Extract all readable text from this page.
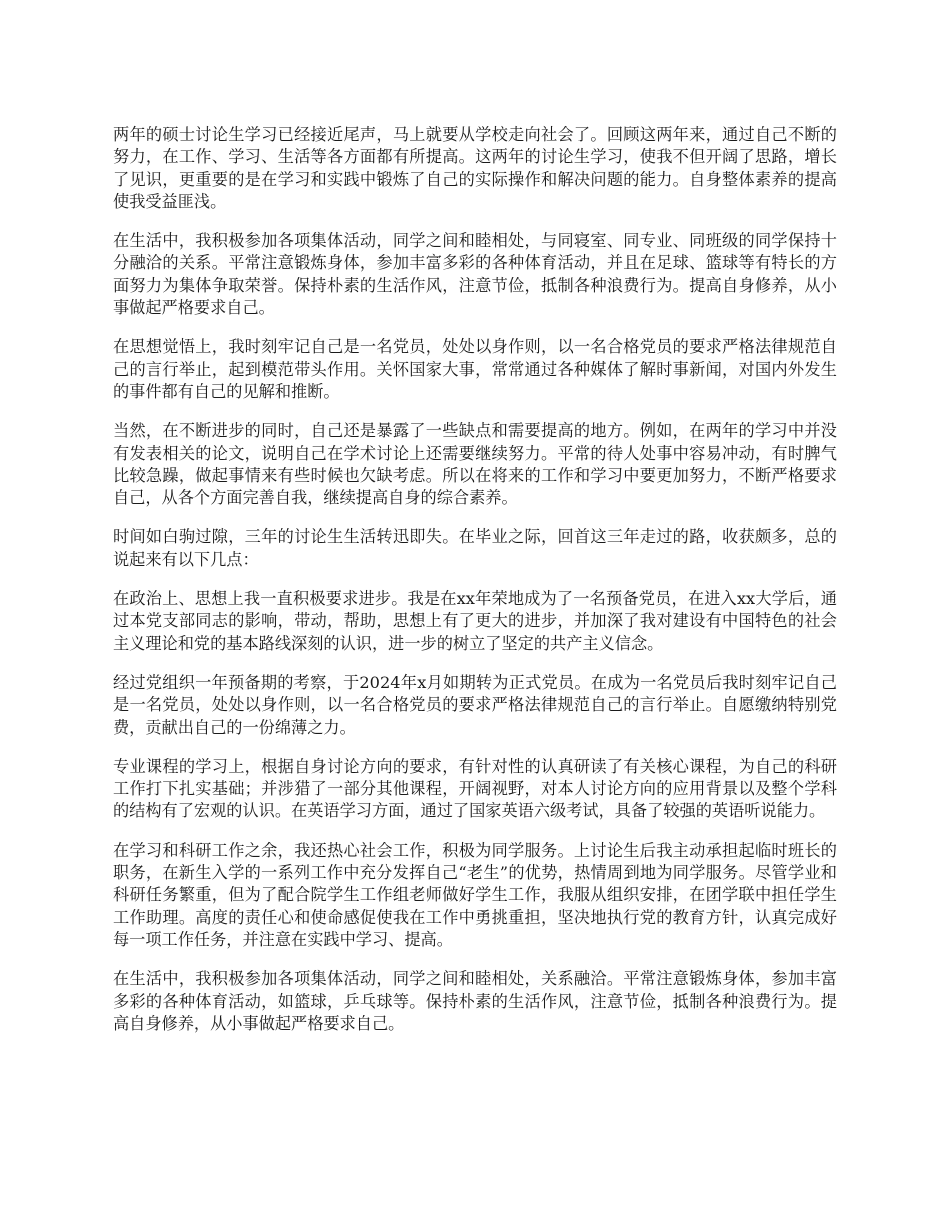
两年的硕士讨论生学习已经接近尾声，马上就要从学校走向社会了。回顾这两年来，通过自己不断的努力，在工作、学习、生活等各方面都有所提高。这两年的讨论生学习，使我不但开阔了思路，增长了见识，更重要的是在学习和实践中锻炼了自己的实际操作和解决问题的能力。自身整体素养的提高使我受益匪浅。

在生活中，我积极参加各项集体活动，同学之间和睦相处，与同寝室、同专业、同班级的同学保持十分融洽的关系。平常注意锻炼身体，参加丰富多彩的各种体育活动，并且在足球、篮球等有特长的方面努力为集体争取荣誉。保持朴素的生活作风，注意节俭，抵制各种浪费行为。提高自身修养，从小事做起严格要求自己。

在思想觉悟上，我时刻牢记自己是一名党员，处处以身作则，以一名合格党员的要求严格法律规范自己的言行举止，起到模范带头作用。关怀国家大事，常常通过各种媒体了解时事新闻，对国内外发生的事件都有自己的见解和推断。

当然，在不断进步的同时，自己还是暴露了一些缺点和需要提高的地方。例如，在两年的学习中并没有发表相关的论文，说明自己在学术讨论上还需要继续努力。平常的待人处事中容易冲动，有时脾气比较急躁，做起事情来有些时候也欠缺考虑。所以在将来的工作和学习中要更加努力，不断严格要求自己，从各个方面完善自我，继续提高自身的综合素养。

时间如白驹过隙，三年的讨论生生活转迅即失。在毕业之际，回首这三年走过的路，收获颇多，总的说起来有以下几点：

在政治上、思想上我一直积极要求进步。我是在xx年荣地成为了一名预备党员，在进入xx大学后，通过本党支部同志的影响，带动，帮助，思想上有了更大的进步，并加深了我对建设有中国特色的社会主义理论和党的基本路线深刻的认识，进一步的树立了坚定的共产主义信念。

经过党组织一年预备期的考察，于2024年x月如期转为正式党员。在成为一名党员后我时刻牢记自己是一名党员，处处以身作则，以一名合格党员的要求严格法律规范自己的言行举止。自愿缴纳特别党费，贡献出自己的一份绵薄之力。

专业课程的学习上，根据自身讨论方向的要求，有针对性的认真研读了有关核心课程，为自己的科研工作打下扎实基础；并涉猎了一部分其他课程，开阔视野，对本人讨论方向的应用背景以及整个学科的结构有了宏观的认识。在英语学习方面，通过了国家英语六级考试，具备了较强的英语听说能力。

在学习和科研工作之余，我还热心社会工作，积极为同学服务。上讨论生后我主动承担起临时班长的职务，在新生入学的一系列工作中充分发挥自己“老生”的优势，热情周到地为同学服务。尽管学业和科研任务繁重，但为了配合院学生工作组老师做好学生工作，我服从组织安排，在团学联中担任学生工作助理。高度的责任心和使命感促使我在工作中勇挑重担，坚决地执行党的教育方针，认真完成好每一项工作任务，并注意在实践中学习、提高。

在生活中，我积极参加各项集体活动，同学之间和睦相处，关系融洽。平常注意锻炼身体，参加丰富多彩的各种体育活动，如篮球，乒乓球等。保持朴素的生活作风，注意节俭，抵制各种浪费行为。提高自身修养，从小事做起严格要求自己。
